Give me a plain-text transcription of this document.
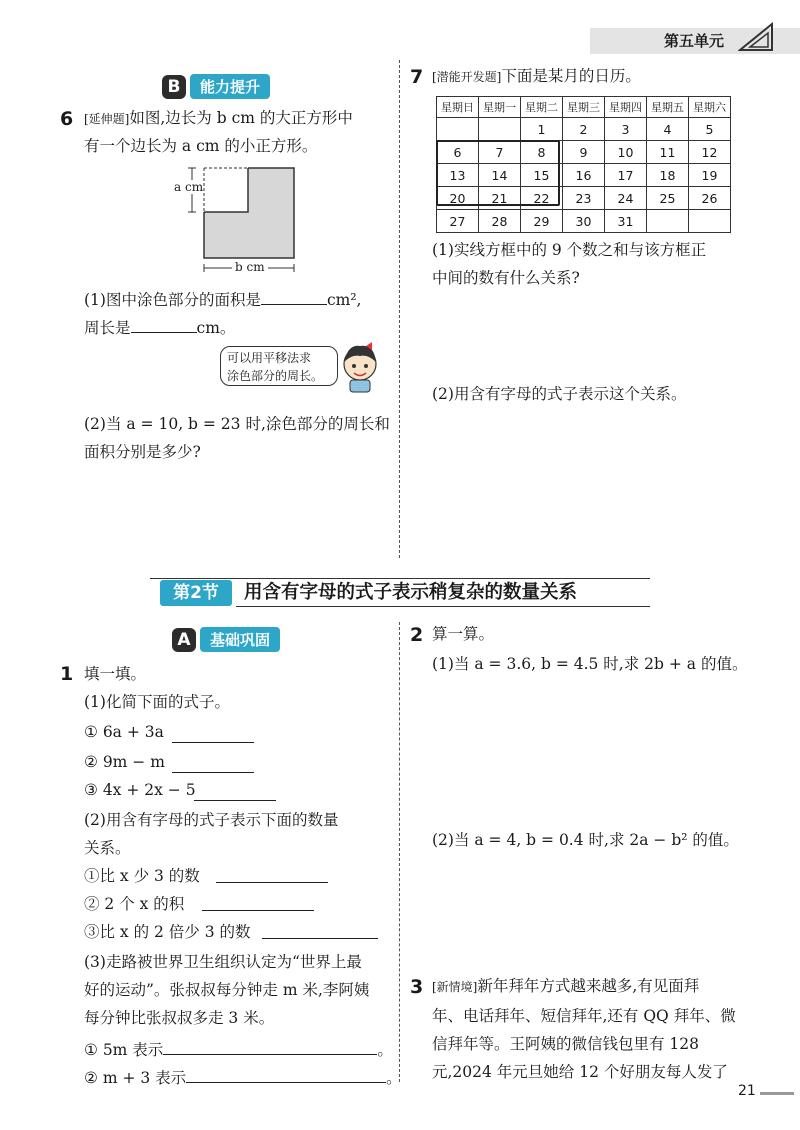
第五单元
B	能力提升
6 [延伸题]如图,边长为 b cm 的大正方形中
有一个边长为 a cm 的小正方形。
a cm
b cm
(1)图中涂色部分的面积是	cm²,
周长是	cm。
可以用平移法求
涂色部分的周长。
(2)当 a = 10, b = 23 时,涂色部分的周长和
面积分别是多少?
7 [潜能开发题]下面是某月的日历。
星期日	星期一	星期二	星期三	星期四	星期五	星期六
		1	2	3	4	5
6	7	8	9	10	11	12
13	14	15	16	17	18	19
20	21	22	23	24	25	26
27	28	29	30	31		
(1)实线方框中的 9 个数之和与该方框正
中间的数有什么关系?
(2)用含有字母的式子表示这个关系。
第2节	用含有字母的式子表示稍复杂的数量关系
A	基础巩固
1 填一填。
(1)化简下面的式子。
① 6a + 3a
② 9m − m
③ 4x + 2x − 5
(2)用含有字母的式子表示下面的数量
关系。
①比 x 少 3 的数
② 2 个 x 的积
③比 x 的 2 倍少 3 的数
(3)走路被世界卫生组织认定为“世界上最
好的运动”。张叔叔每分钟走 m 米,李阿姨
每分钟比张叔叔多走 3 米。
① 5m 表示	。
② m + 3 表示	。
2 算一算。
(1)当 a = 3.6, b = 4.5 时,求 2b + a 的值。
(2)当 a = 4, b = 0.4 时,求 2a − b² 的值。
3 [新情境]新年拜年方式越来越多,有见面拜
年、电话拜年、短信拜年,还有 QQ 拜年、微
信拜年等。王阿姨的微信钱包里有 128
元,2024 年元旦她给 12 个好朋友每人发了
21
